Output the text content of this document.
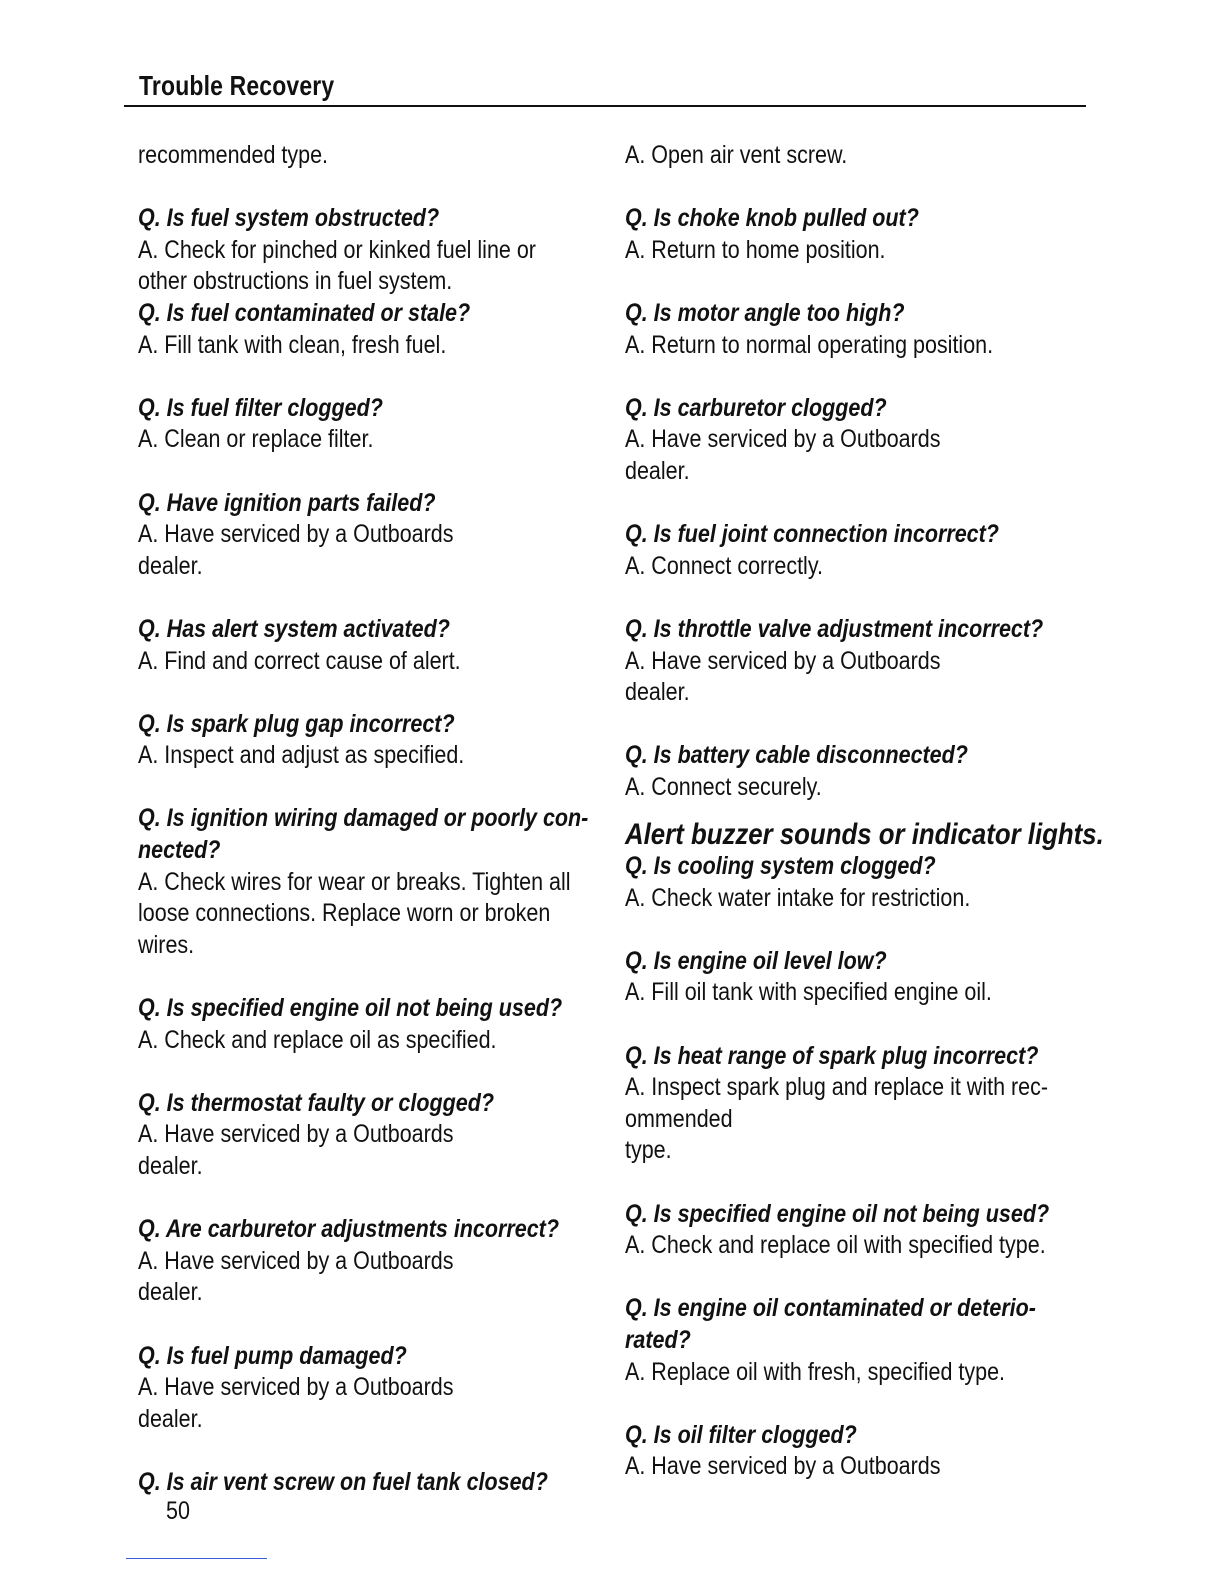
Trouble Recovery
recommended type.
Q. Is fuel system obstructed?
A. Check for pinched or kinked fuel line or
other obstructions in fuel system.
Q. Is fuel contaminated or stale?
A. Fill tank with clean, fresh fuel.
Q. Is fuel filter clogged?
A. Clean or replace filter.
Q. Have ignition parts failed?
A. Have serviced by a Outboards
dealer.
Q. Has alert system activated?
A. Find and correct cause of alert.
Q. Is spark plug gap incorrect?
A. Inspect and adjust as specified.
Q. Is ignition wiring damaged or poorly con-
nected?
A. Check wires for wear or breaks. Tighten all
loose connections. Replace worn or broken
wires.
Q. Is specified engine oil not being used?
A. Check and replace oil as specified.
Q. Is thermostat faulty or clogged?
A. Have serviced by a Outboards
dealer.
Q. Are carburetor adjustments incorrect?
A. Have serviced by a Outboards
dealer.
Q. Is fuel pump damaged?
A. Have serviced by a Outboards
dealer.
Q. Is air vent screw on fuel tank closed?
A. Open air vent screw.
Q. Is choke knob pulled out?
A. Return to home position.
Q. Is motor angle too high?
A. Return to normal operating position.
Q. Is carburetor clogged?
A. Have serviced by a Outboards
dealer.
Q. Is fuel joint connection incorrect?
A. Connect correctly.
Q. Is throttle valve adjustment incorrect?
A. Have serviced by a Outboards
dealer.
Q. Is battery cable disconnected?
A. Connect securely.
Alert buzzer sounds or indicator lights.
Q. Is cooling system clogged?
A. Check water intake for restriction.
Q. Is engine oil level low?
A. Fill oil tank with specified engine oil.
Q. Is heat range of spark plug incorrect?
A. Inspect spark plug and replace it with rec-
ommended
type.
Q. Is specified engine oil not being used?
A. Check and replace oil with specified type.
Q. Is engine oil contaminated or deterio-
rated?
A. Replace oil with fresh, specified type.
Q. Is oil filter clogged?
A. Have serviced by a Outboards
50
